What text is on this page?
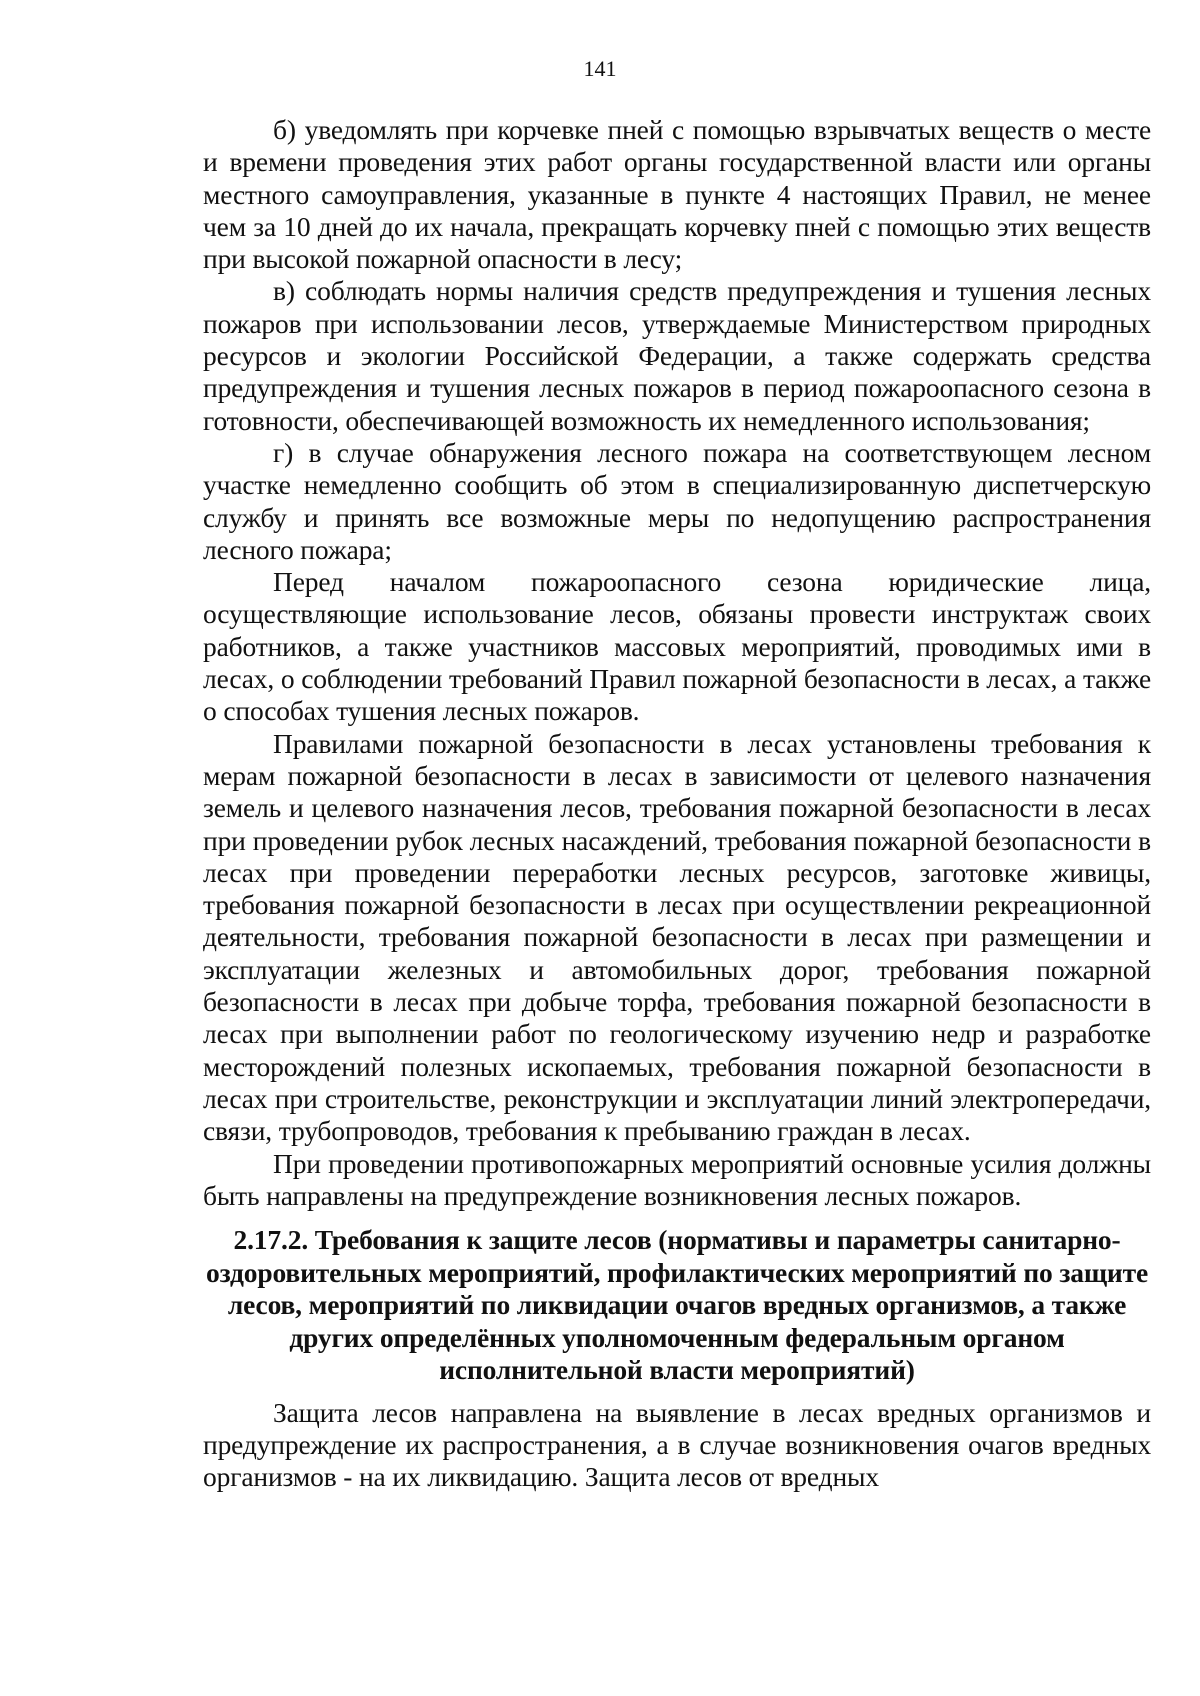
141

б) уведомлять при корчевке пней с помощью взрывчатых веществ о месте и времени проведения этих работ органы государственной власти или органы местного самоуправления, указанные в пункте 4 настоящих Правил, не менее чем за 10 дней до их начала, прекращать корчевку пней с помощью этих веществ при высокой пожарной опасности в лесу;

в) соблюдать нормы наличия средств предупреждения и тушения лесных пожаров при использовании лесов, утверждаемые Министерством природных ресурсов и экологии Российской Федерации, а также содержать средства предупреждения и тушения лесных пожаров в период пожароопасного сезона в готовности, обеспечивающей возможность их немедленного использования;

г) в случае обнаружения лесного пожара на соответствующем лесном участке немедленно сообщить об этом в специализированную диспетчерскую службу и принять все возможные меры по недопущению распространения лесного пожара;

Перед началом пожароопасного сезона юридические лица, осуществляющие использование лесов, обязаны провести инструктаж своих работников, а также участников массовых мероприятий, проводимых ими в лесах, о соблюдении требований Правил пожарной безопасности в лесах, а также о способах тушения лесных пожаров.

Правилами пожарной безопасности в лесах установлены требования к мерам пожарной безопасности в лесах в зависимости от целевого назначения земель и целевого назначения лесов, требования пожарной безопасности в лесах при проведении рубок лесных насаждений, требования пожарной безопасности в лесах при проведении переработки лесных ресурсов, заготовке живицы, требования пожарной безопасности в лесах при осуществлении рекреационной деятельности, требования пожарной безопасности в лесах при размещении и эксплуатации железных и автомобильных дорог, требования пожарной безопасности в лесах при добыче торфа, требования пожарной безопасности в лесах при выполнении работ по геологическому изучению недр и разработке месторождений полезных ископаемых, требования пожарной безопасности в лесах при строительстве, реконструкции и эксплуатации линий электропередачи, связи, трубопроводов, требования к пребыванию граждан в лесах.

При проведении противопожарных мероприятий основные усилия должны быть направлены на предупреждение возникновения лесных пожаров.

2.17.2. Требования к защите лесов (нормативы и параметры санитарно-оздоровительных мероприятий, профилактических мероприятий по защите лесов, мероприятий по ликвидации очагов вредных организмов, а также других определённых уполномоченным федеральным органом исполнительной власти мероприятий)

Защита лесов направлена на выявление в лесах вредных организмов и предупреждение их распространения, а в случае возникновения очагов вредных организмов - на их ликвидацию. Защита лесов от вредных
